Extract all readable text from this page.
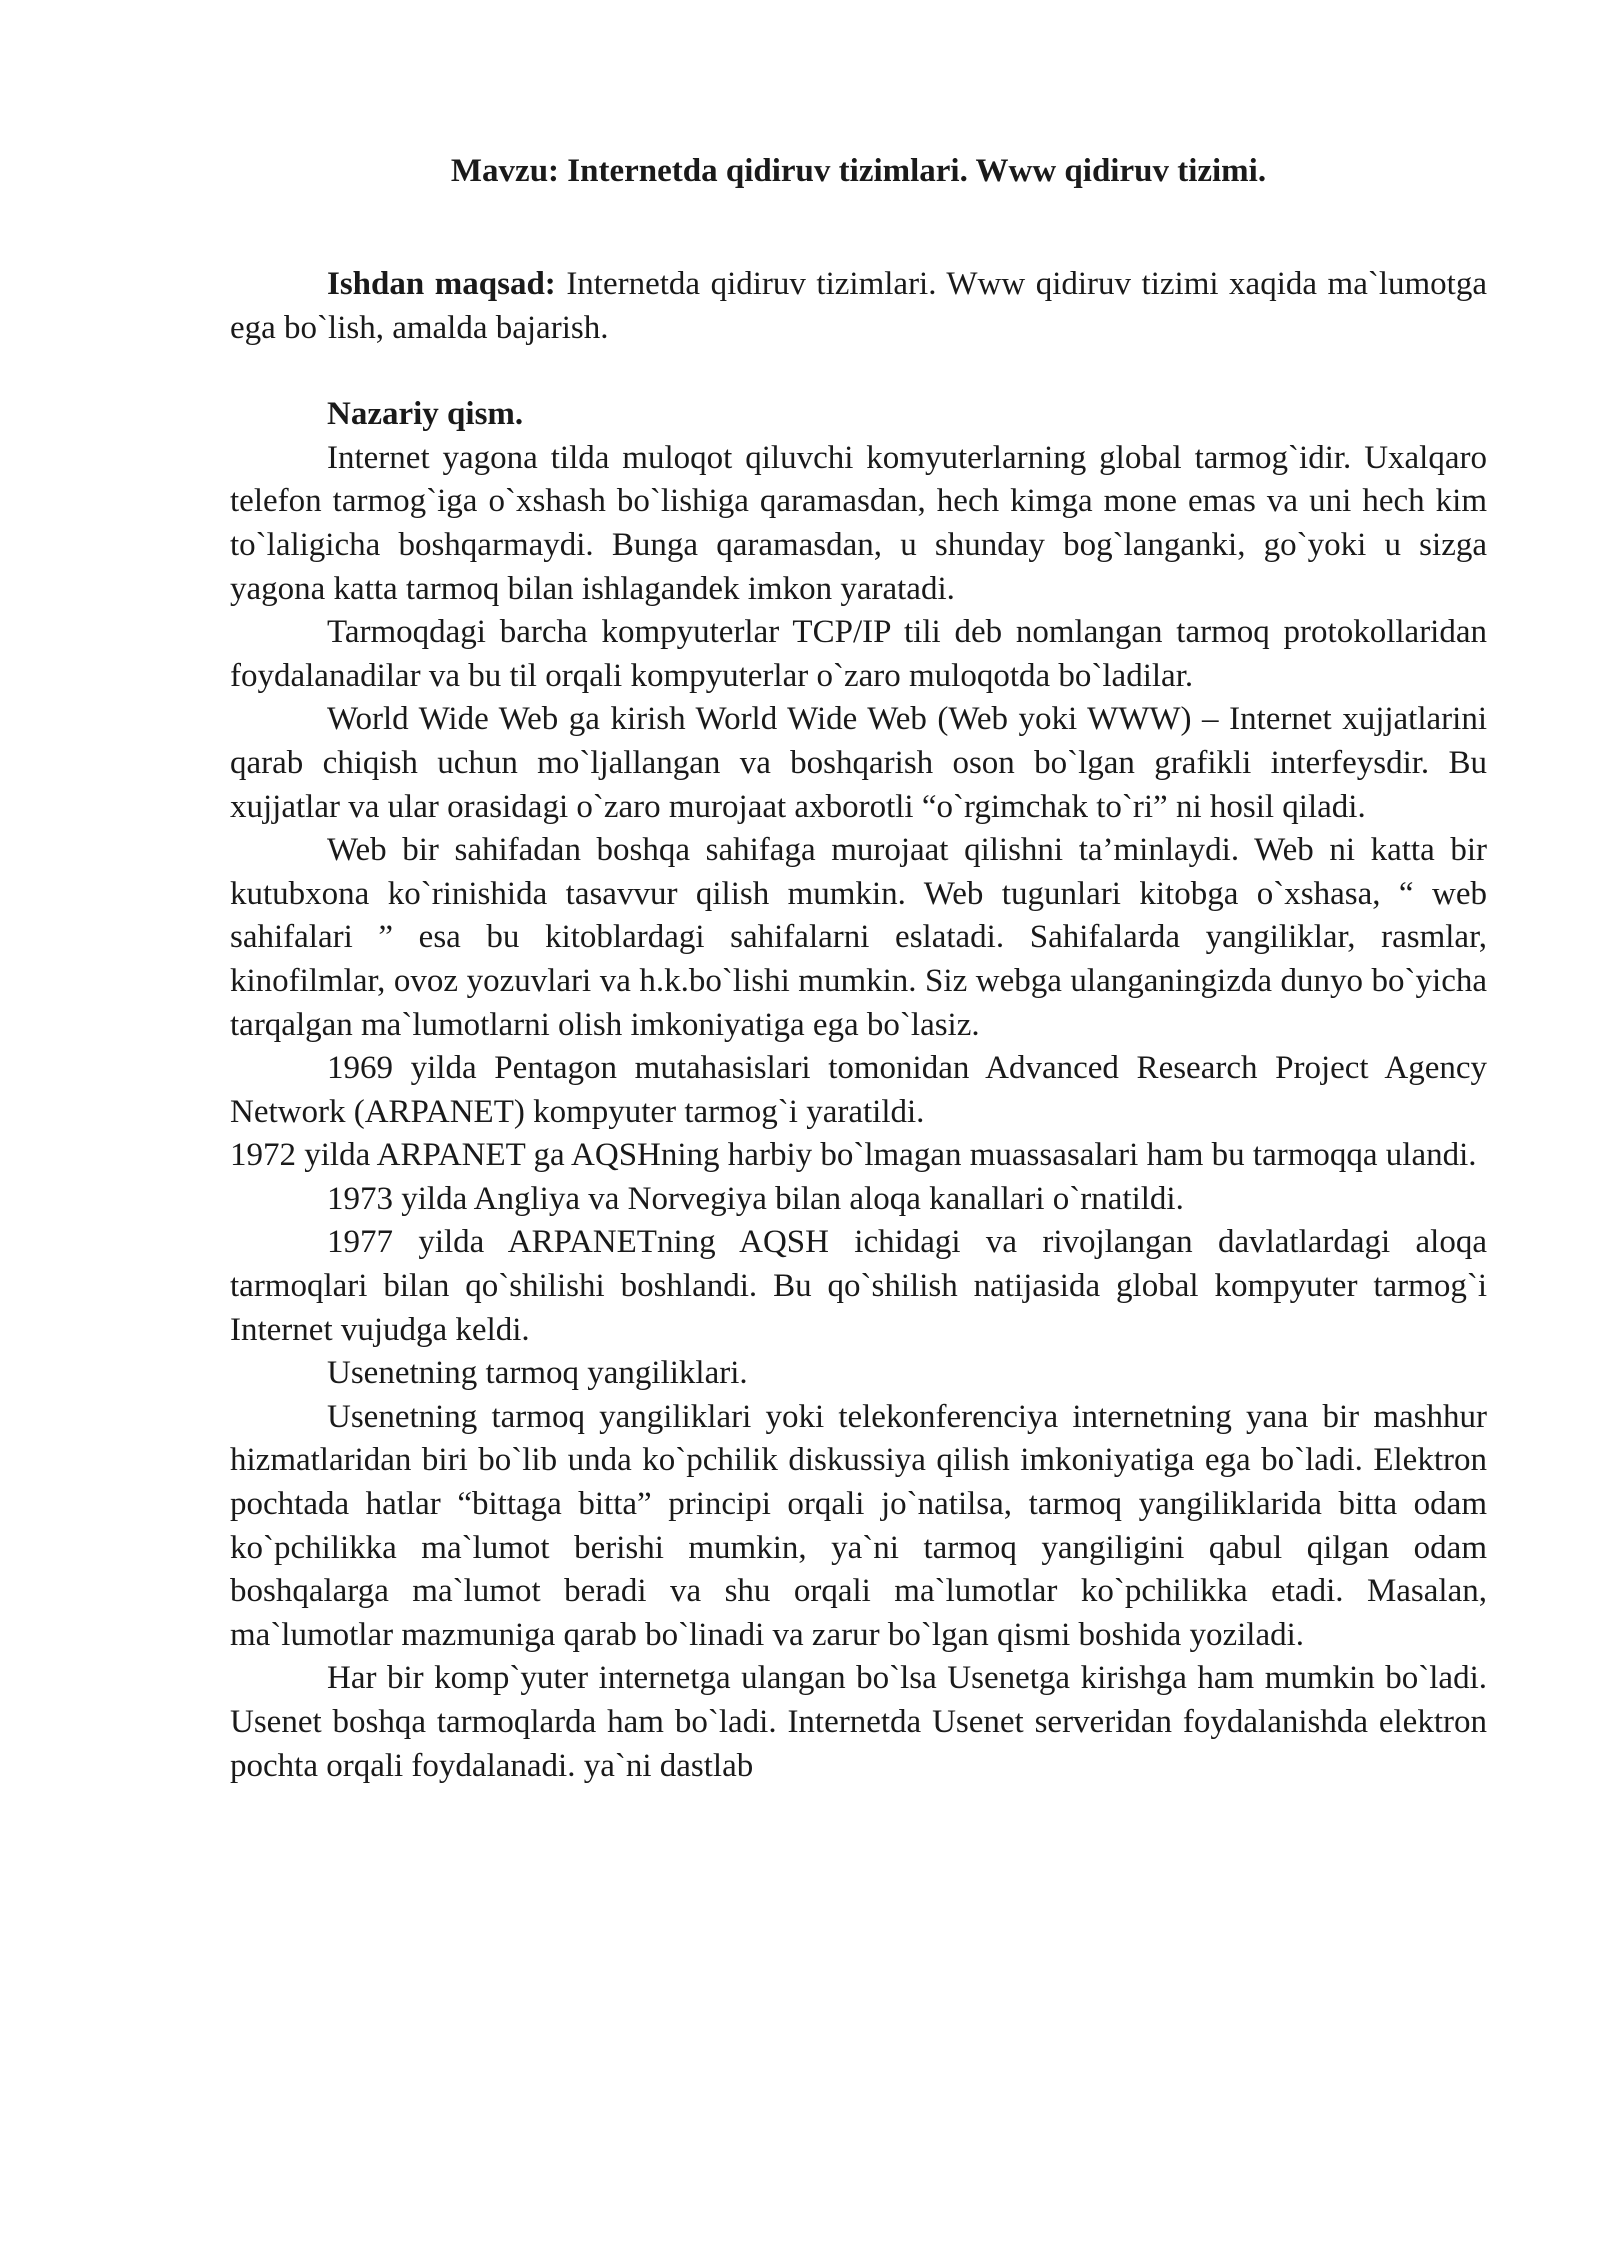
Mavzu: Internetda qidiruv tizimlari. Www qidiruv tizimi.

Ishdan maqsad: Internetda qidiruv tizimlari. Www qidiruv tizimi xaqida ma`lumotga ega bo`lish, amalda bajarish.

Nazariy qism.

Internet yagona tilda muloqot qiluvchi komyuterlarning global tarmog`idir. Uxalqaro telefon tarmog`iga o`xshash bo`lishiga qaramasdan, hech kimga mone emas va uni hech kim to`laligicha boshqarmaydi. Bunga qaramasdan, u shunday bog`langanki, go`yoki u sizga yagona katta tarmoq bilan ishlagandek imkon yaratadi.

Tarmoqdagi barcha kompyuterlar TCP/IP tili deb nomlangan tarmoq protokollaridan foydalanadilar va bu til orqali kompyuterlar o`zaro muloqotda bo`ladilar.

World Wide Web ga kirish World Wide Web (Web yoki WWW) – Internet xujjatlarini qarab chiqish uchun mo`ljallangan va boshqarish oson bo`lgan grafikli interfeysdir. Bu xujjatlar va ular orasidagi o`zaro murojaat axborotli “o`rgimchak to`ri” ni hosil qiladi.

Web bir sahifadan boshqa sahifaga murojaat qilishni ta’minlaydi. Web ni katta bir kutubxona ko`rinishida tasavvur qilish mumkin. Web tugunlari kitobga o`xshasa, “ web sahifalari ” esa bu kitoblardagi sahifalarni eslatadi. Sahifalarda yangiliklar, rasmlar, kinofilmlar, ovoz yozuvlari va h.k.bo`lishi mumkin. Siz webga ulanganingizda dunyo bo`yicha tarqalgan ma`lumotlarni olish imkoniyatiga ega bo`lasiz.

1969 yilda Pentagon mutahasislari tomonidan Advanced Research Project Agency Network (ARPANET) kompyuter tarmog`i yaratildi.

1972 yilda ARPANET ga AQSHning harbiy bo`lmagan muassasalari ham bu tarmoqqa ulandi.

1973 yilda Angliya va Norvegiya bilan aloqa kanallari o`rnatildi.

1977 yilda ARPANETning AQSH ichidagi va rivojlangan davlatlardagi aloqa tarmoqlari bilan qo`shilishi boshlandi. Bu qo`shilish natijasida global kompyuter tarmog`i Internet vujudga keldi.

Usenetning tarmoq yangiliklari.

Usenetning tarmoq yangiliklari yoki telekonferenciya internetning yana bir mashhur hizmatlaridan biri bo`lib unda ko`pchilik diskussiya qilish imkoniyatiga ega bo`ladi. Elektron pochtada hatlar “bittaga bitta” principi orqali jo`natilsa, tarmoq yangiliklarida bitta odam ko`pchilikka ma`lumot berishi mumkin, ya`ni tarmoq yangiligini qabul qilgan odam boshqalarga ma`lumot beradi va shu orqali ma`lumotlar ko`pchilikka etadi. Masalan, ma`lumotlar mazmuniga qarab bo`linadi va zarur bo`lgan qismi boshida yoziladi.

Har bir komp`yuter internetga ulangan bo`lsa Usenetga kirishga ham mumkin bo`ladi. Usenet boshqa tarmoqlarda ham bo`ladi. Internetda Usenet serveridan foydalanishda elektron pochta orqali foydalanadi. ya`ni dastlab
